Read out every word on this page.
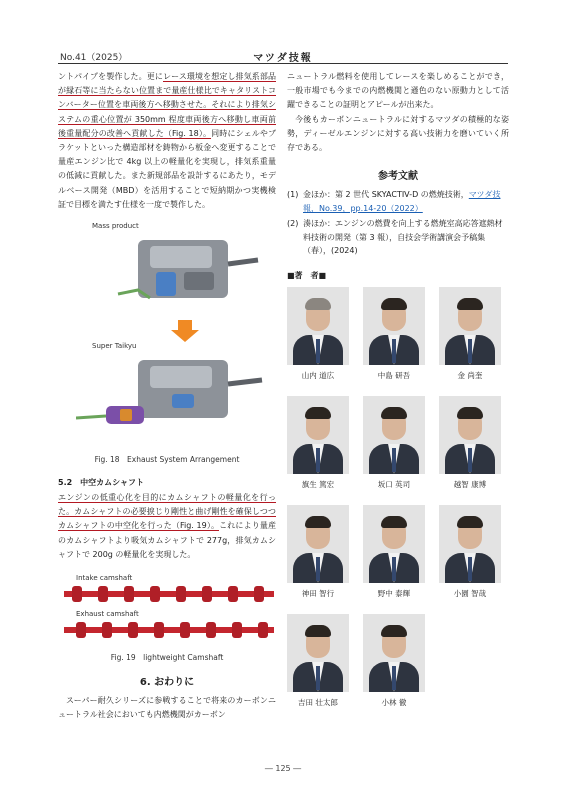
No.41（2025）	マツダ技報

ントパイプを製作した。更にレース環境を想定し排気系部品が縁石等に当たらない位置まで量産仕様比でキャタリストコンバーター位置を車両後方へ移動させた。それにより排気システムの重心位置が 350mm 程度車両後方へ移動し車両前後重量配分の改善へ貢献した（Fig. 18）。同時にシェルやブラケットといった構造部材を鋳物から板金へ変更することで量産エンジン比で 4kg 以上の軽量化を実現し，排気系重量の低減に貢献した。また新規部品を設計するにあたり，モデルベース開発（MBD）を活用することで短納期かつ実機検証で目標を満たす仕様を一度で製作した。

Mass product
Super Taikyu

Fig. 18　Exhaust System Arrangement

5.2　中空カムシャフト

エンジンの低重心化を目的にカムシャフトの軽量化を行った。カムシャフトの必要捩じり剛性と曲げ剛性を確保しつつカムシャフトの中空化を行った（Fig. 19）。これにより量産のカムシャフトより吸気カムシャフトで 277g，排気カムシャフトで 200g の軽量化を実現した。

Intake camshaft
Exhaust camshaft

Fig. 19　lightweight Camshaft

6. おわりに

スーパー耐久シリーズに参戦することで将来のカーボンニュートラル社会においても内燃機関がカーボン

ニュートラル燃料を使用してレースを楽しめることができ，一般市場でも今までの内燃機関と遜色のない原動力として活躍できることの証明とアピールが出来た。

今後もカーボンニュートラルに対するマツダの積極的な姿勢，ディーゼルエンジンに対する高い技術力を磨いていく所存である。

参考文献
(1) 金ほか：第 2 世代 SKYACTIV-D の燃焼技術，マツダ技報，No.39，pp.14-20（2022）
(2) 湊ほか：エンジンの燃費を向上する燃焼室高応答遮熱材料技術の開発（第 3 報），自技会学術講演会予稿集（春），(2024)
■著　者■
山内 道広	中島 研吾	金 尚奎
旗生 篤宏	坂口 英司	越智 康博
神田 智行	野中 泰輝	小園 智哉
吉田 壮太郎	小林 徹
― 125 ―
